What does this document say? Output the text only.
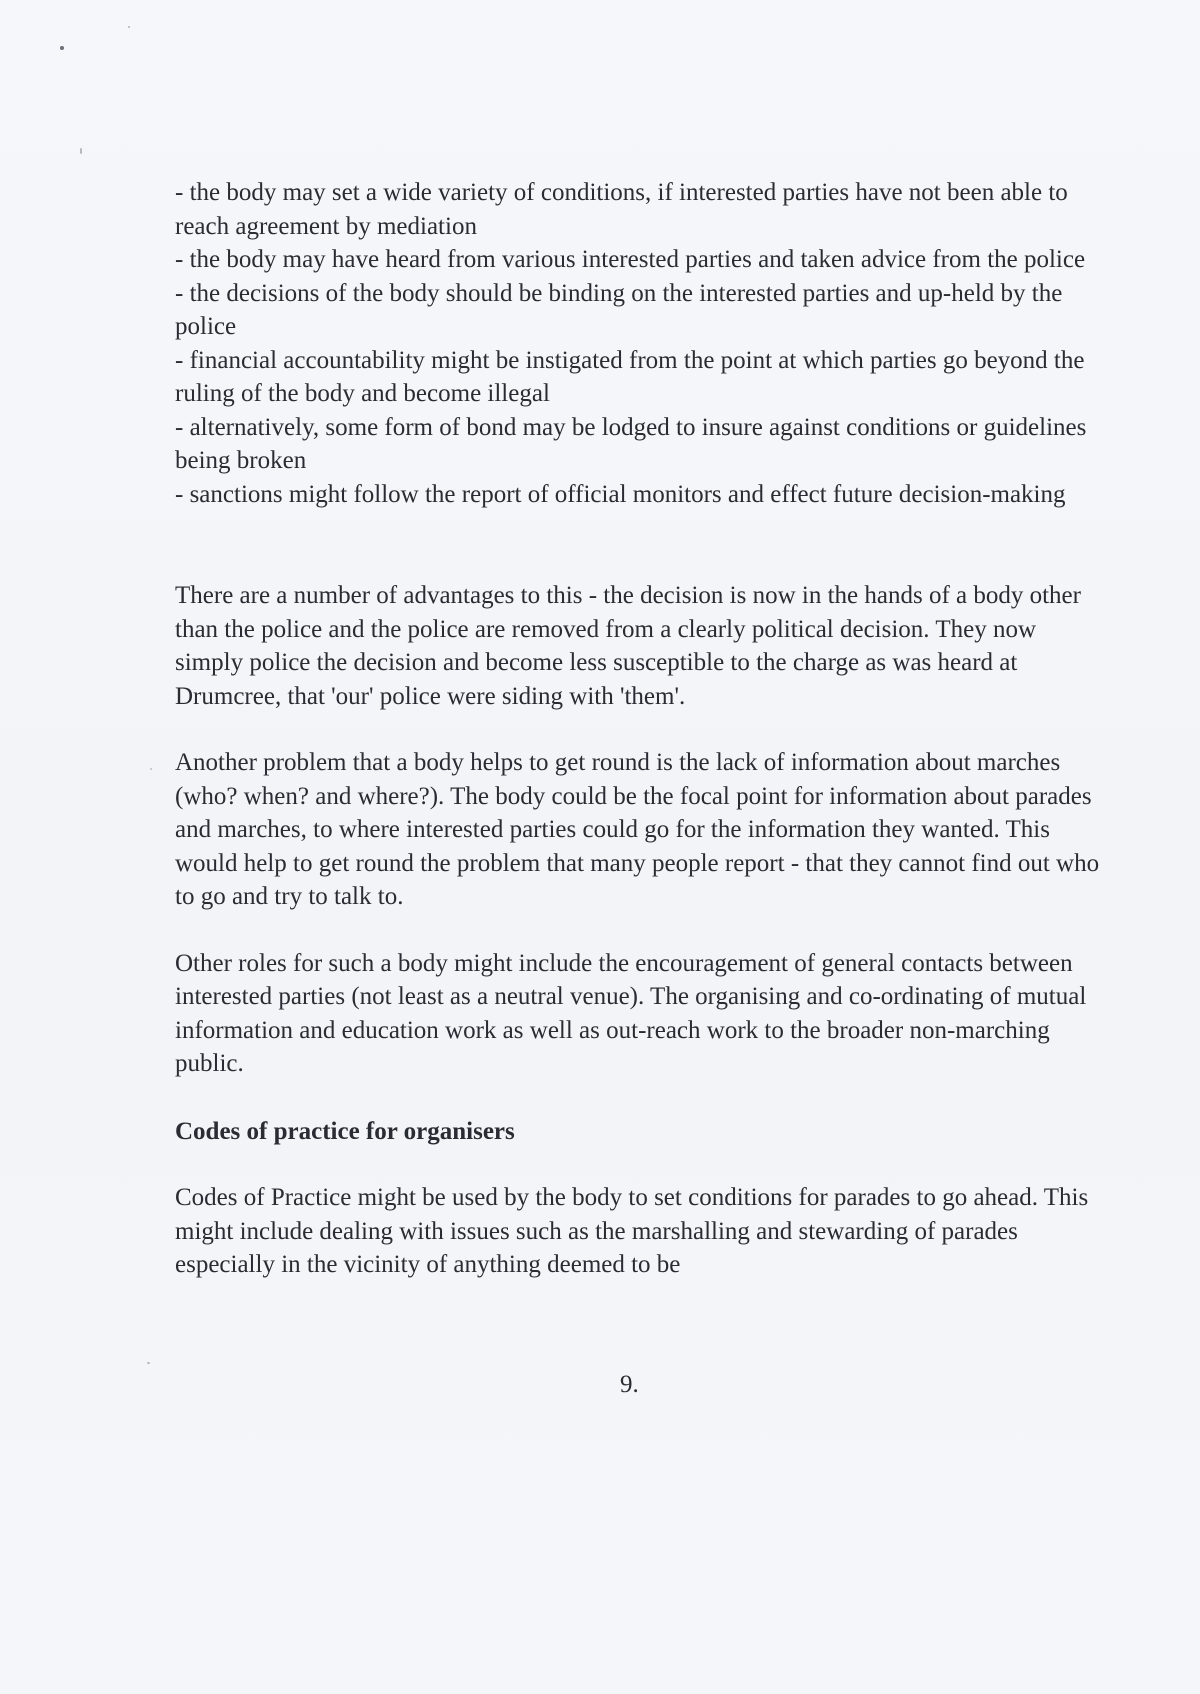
- the body may set a wide variety of conditions, if interested parties have not been able to reach agreement by mediation

- the body may have heard from various interested parties and taken advice from the police

- the decisions of the body should be binding on the interested parties and up-held by the police

- financial accountability might be instigated from the point at which parties go beyond the ruling of the body and become illegal

- alternatively, some form of bond may be lodged to insure against conditions or guidelines being broken

- sanctions might follow the report of official monitors and effect future decision-making

There are a number of advantages to this - the decision is now in the hands of a body other than the police and the police are removed from a clearly political decision. They now simply police the decision and become less susceptible to the charge as was heard at Drumcree, that 'our' police were siding with 'them'.

Another problem that a body helps to get round is the lack of information about marches (who? when? and where?). The body could be the focal point for information about parades and marches, to where interested parties could go for the information they wanted. This would help to get round the problem that many people report - that they cannot find out who to go and try to talk to.

Other roles for such a body might include the encouragement of general contacts between interested parties (not least as a neutral venue). The organising and co-ordinating of mutual information and education work as well as out-reach work to the broader non-marching public.

Codes of practice for organisers

Codes of Practice might be used by the body to set conditions for parades to go ahead. This might include dealing with issues such as the marshalling and stewarding of parades especially in the vicinity of anything deemed to be

9.
